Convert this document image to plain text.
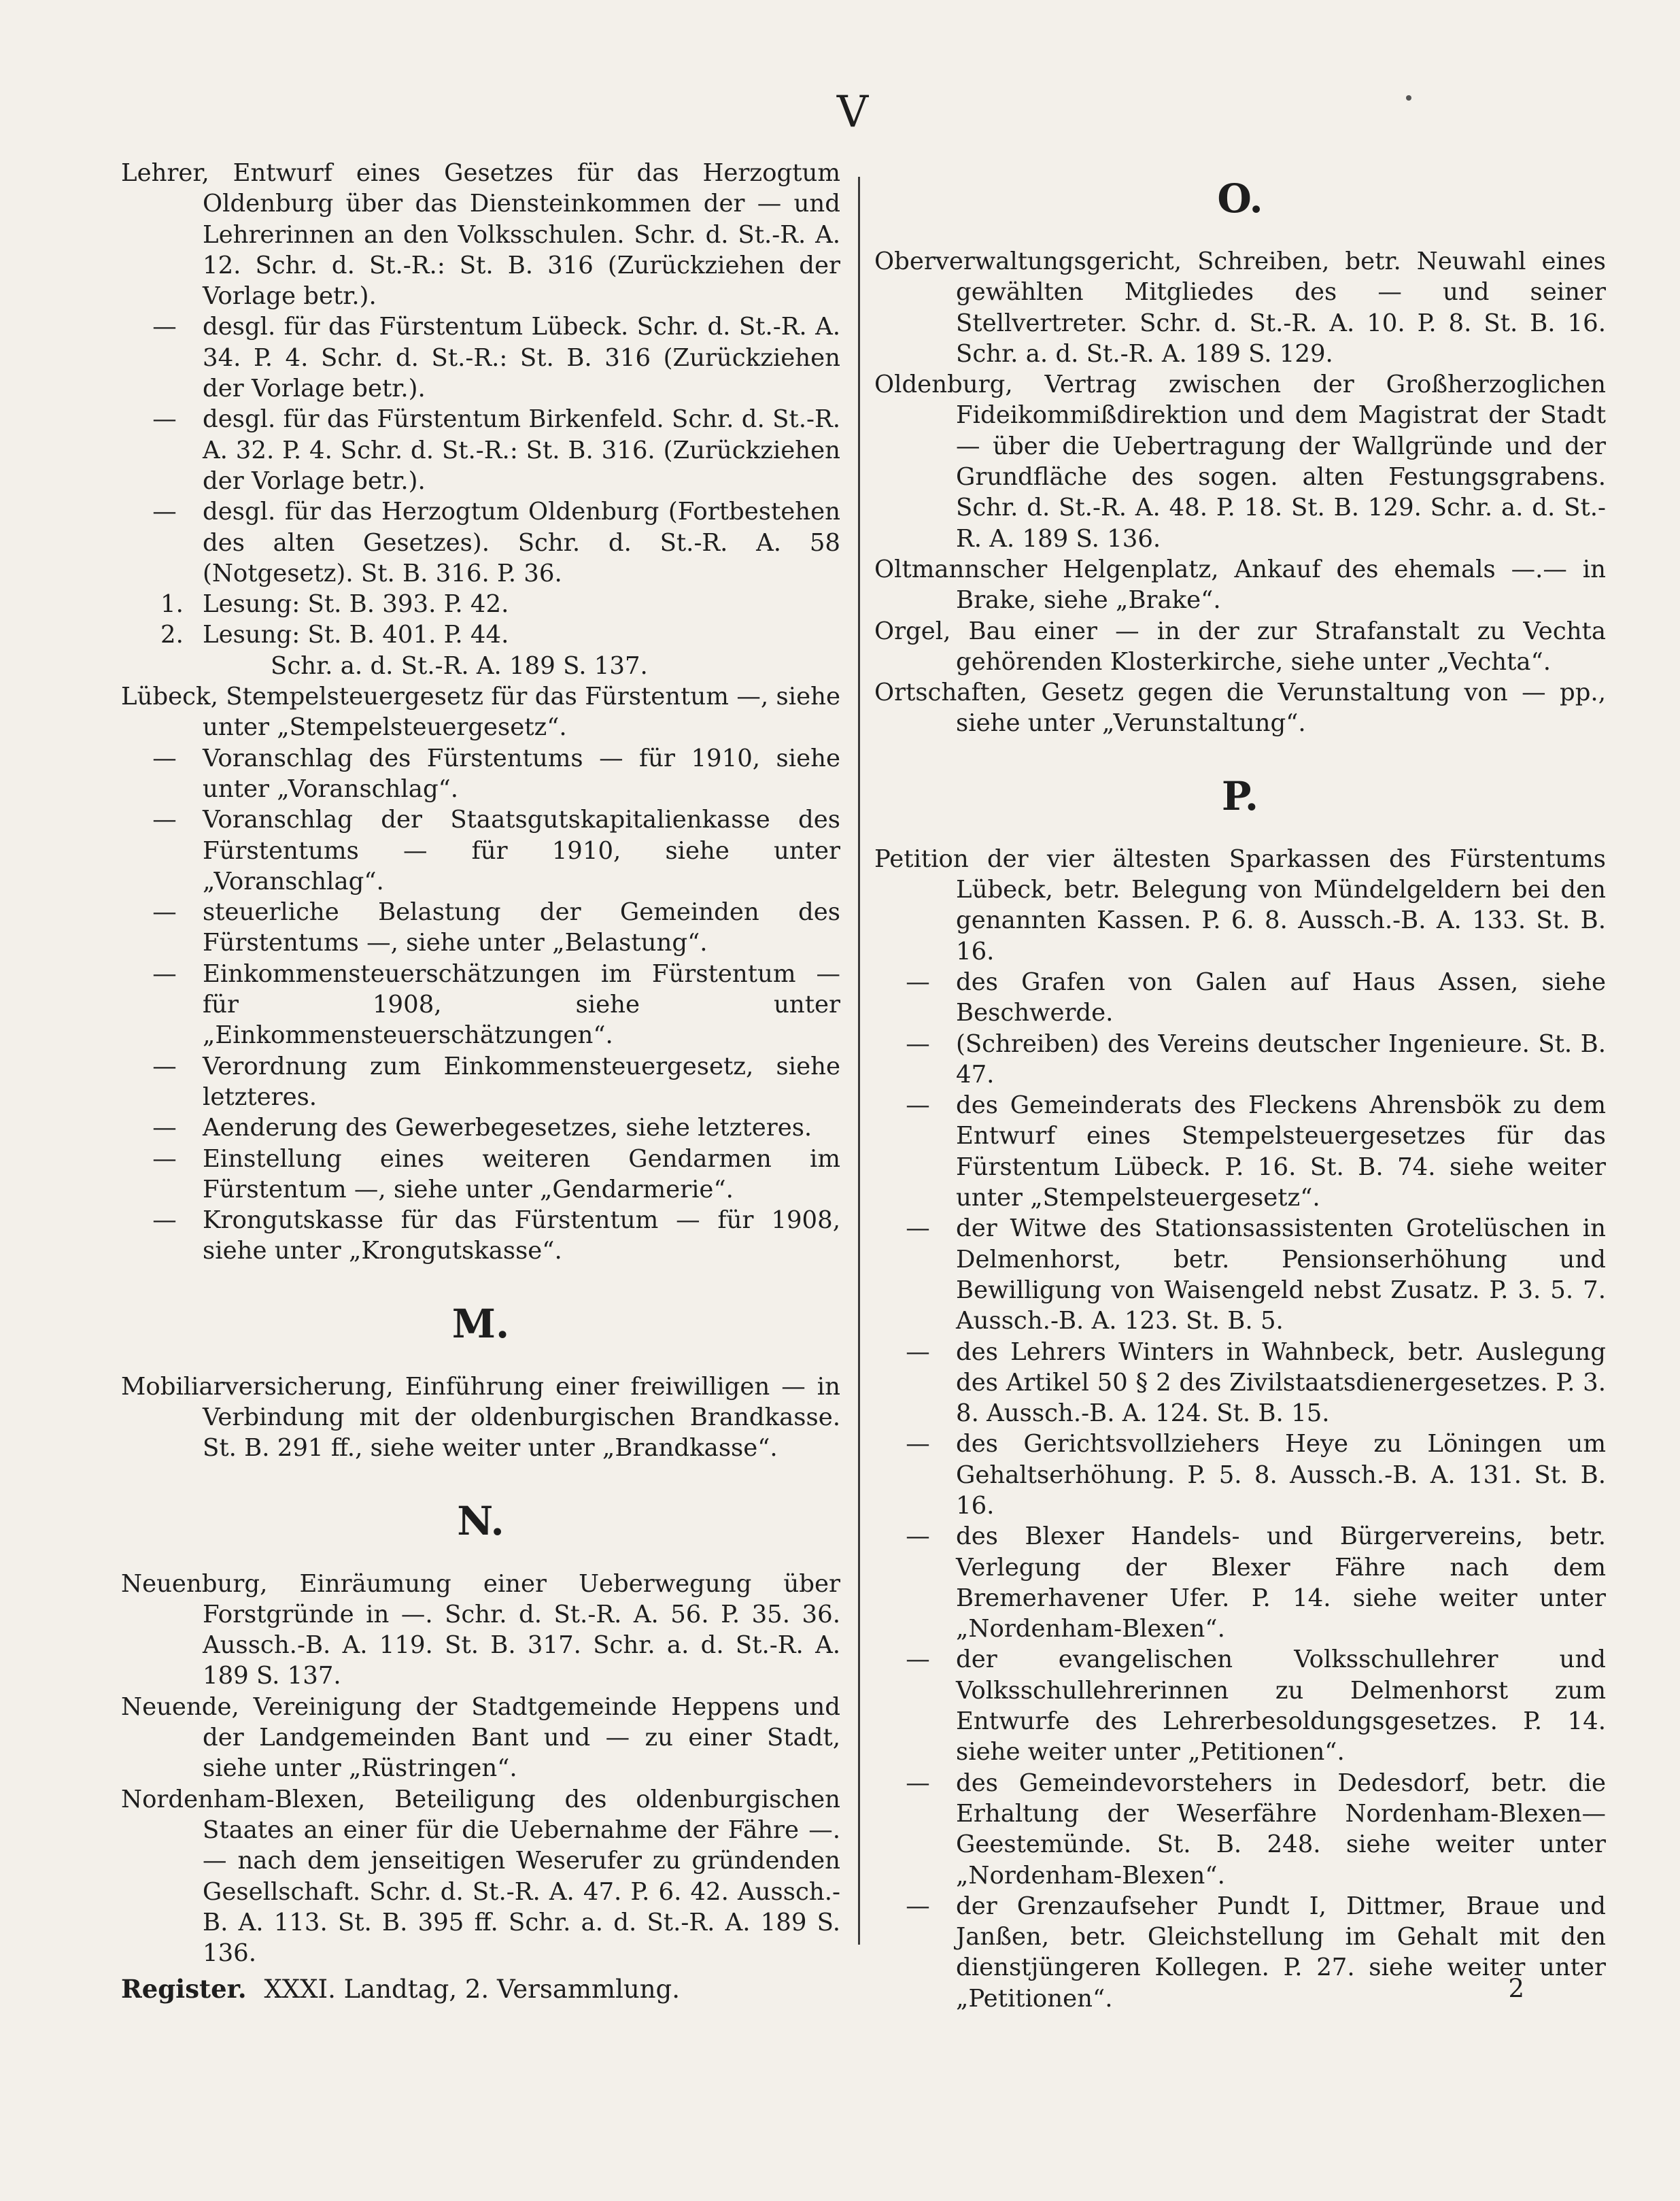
V
Lehrer, Entwurf eines Gesetzes für das Herzogtum Oldenburg über das Diensteinkommen der — und Lehrerinnen an den Volksschulen. Schr. d. St.-R. A. 12. Schr. d. St.-R.: St. B. 316 (Zurückziehen der Vorlage betr.).
—	desgl. für das Fürstentum Lübeck. Schr. d. St.-R. A. 34. P. 4. Schr. d. St.-R.: St. B. 316 (Zurückziehen der Vorlage betr.).
—	desgl. für das Fürstentum Birkenfeld. Schr. d. St.-R. A. 32. P. 4. Schr. d. St.-R.: St. B. 316. (Zurückziehen der Vorlage betr.).
—	desgl. für das Herzogtum Oldenburg (Fortbestehen des alten Gesetzes). Schr. d. St.-R. A. 58 (Notgesetz). St. B. 316. P. 36.
1. Lesung: St. B. 393. P. 42.
2. Lesung: St. B. 401. P. 44.
Schr. a. d. St.-R. A. 189 S. 137.
Lübeck, Stempelsteuergesetz für das Fürstentum —, siehe unter „Stempelsteuergesetz“.
—	Voranschlag des Fürstentums — für 1910, siehe unter „Voranschlag“.
—	Voranschlag der Staatsgutskapitalienkasse des Fürstentums — für 1910, siehe unter „Voranschlag“.
—	steuerliche Belastung der Gemeinden des Fürstentums —, siehe unter „Belastung“.
—	Einkommensteuerschätzungen im Fürstentum — für 1908, siehe unter „Einkommensteuerschätzungen“.
—	Verordnung zum Einkommensteuergesetz, siehe letzteres.
—	Aenderung des Gewerbegesetzes, siehe letzteres.
—	Einstellung eines weiteren Gendarmen im Fürstentum —, siehe unter „Gendarmerie“.
—	Krongutskasse für das Fürstentum — für 1908, siehe unter „Krongutskasse“.
M.
Mobiliarversicherung, Einführung einer freiwilligen — in Verbindung mit der oldenburgischen Brandkasse. St. B. 291 ff., siehe weiter unter „Brandkasse“.
N.
Neuenburg, Einräumung einer Ueberwegung über Forstgründe in —. Schr. d. St.-R. A. 56. P. 35. 36. Aussch.-B. A. 119. St. B. 317. Schr. a. d. St.-R. A. 189 S. 137.
Neuende, Vereinigung der Stadtgemeinde Heppens und der Landgemeinden Bant und — zu einer Stadt, siehe unter „Rüstringen“.
Nordenham-Blexen, Beteiligung des oldenburgischen Staates an einer für die Uebernahme der Fähre —.— nach dem jenseitigen Weserufer zu gründenden Gesellschaft. Schr. d. St.-R. A. 47. P. 6. 42. Aussch.-B. A. 113. St. B. 395 ff. Schr. a. d. St.-R. A. 189 S. 136.
O.
Oberverwaltungsgericht, Schreiben, betr. Neuwahl eines gewählten Mitgliedes des — und seiner Stellvertreter. Schr. d. St.-R. A. 10. P. 8. St. B. 16. Schr. a. d. St.-R. A. 189 S. 129.
Oldenburg, Vertrag zwischen der Großherzoglichen Fideikommißdirektion und dem Magistrat der Stadt — über die Uebertragung der Wallgründe und der Grundfläche des sogen. alten Festungsgrabens. Schr. d. St.-R. A. 48. P. 18. St. B. 129. Schr. a. d. St.-R. A. 189 S. 136.
Oltmannscher Helgenplatz, Ankauf des ehemals —.— in Brake, siehe „Brake“.
Orgel, Bau einer — in der zur Strafanstalt zu Vechta gehörenden Klosterkirche, siehe unter „Vechta“.
Ortschaften, Gesetz gegen die Verunstaltung von — pp., siehe unter „Verunstaltung“.
P.
Petition der vier ältesten Sparkassen des Fürstentums Lübeck, betr. Belegung von Mündelgeldern bei den genannten Kassen. P. 6. 8. Aussch.-B. A. 133. St. B. 16.
—	des Grafen von Galen auf Haus Assen, siehe Beschwerde.
—	(Schreiben) des Vereins deutscher Ingenieure. St. B. 47.
—	des Gemeinderats des Fleckens Ahrensbök zu dem Entwurf eines Stempelsteuergesetzes für das Fürstentum Lübeck. P. 16. St. B. 74. siehe weiter unter „Stempelsteuergesetz“.
—	der Witwe des Stationsassistenten Grotelüschen in Delmenhorst, betr. Pensionserhöhung und Bewilligung von Waisengeld nebst Zusatz. P. 3. 5. 7. Aussch.-B. A. 123. St. B. 5.
—	des Lehrers Winters in Wahnbeck, betr. Auslegung des Artikel 50 § 2 des Zivilstaatsdienergesetzes. P. 3. 8. Aussch.-B. A. 124. St. B. 15.
—	des Gerichtsvollziehers Heye zu Löningen um Gehaltserhöhung. P. 5. 8. Aussch.-B. A. 131. St. B. 16.
—	des Blexer Handels- und Bürgervereins, betr. Verlegung der Blexer Fähre nach dem Bremerhavener Ufer. P. 14. siehe weiter unter „Nordenham-Blexen“.
—	der evangelischen Volksschullehrer und Volksschullehrerinnen zu Delmenhorst zum Entwurfe des Lehrerbesoldungsgesetzes. P. 14. siehe weiter unter „Petitionen“.
—	des Gemeindevorstehers in Dedesdorf, betr. die Erhaltung der Weserfähre Nordenham-Blexen—Geestemünde. St. B. 248. siehe weiter unter „Nordenham-Blexen“.
—	der Grenzaufseher Pundt I, Dittmer, Braue und Janßen, betr. Gleichstellung im Gehalt mit den dienstjüngeren Kollegen. P. 27. siehe weiter unter „Petitionen“.
Register. XXXI. Landtag, 2. Versammlung.	2
